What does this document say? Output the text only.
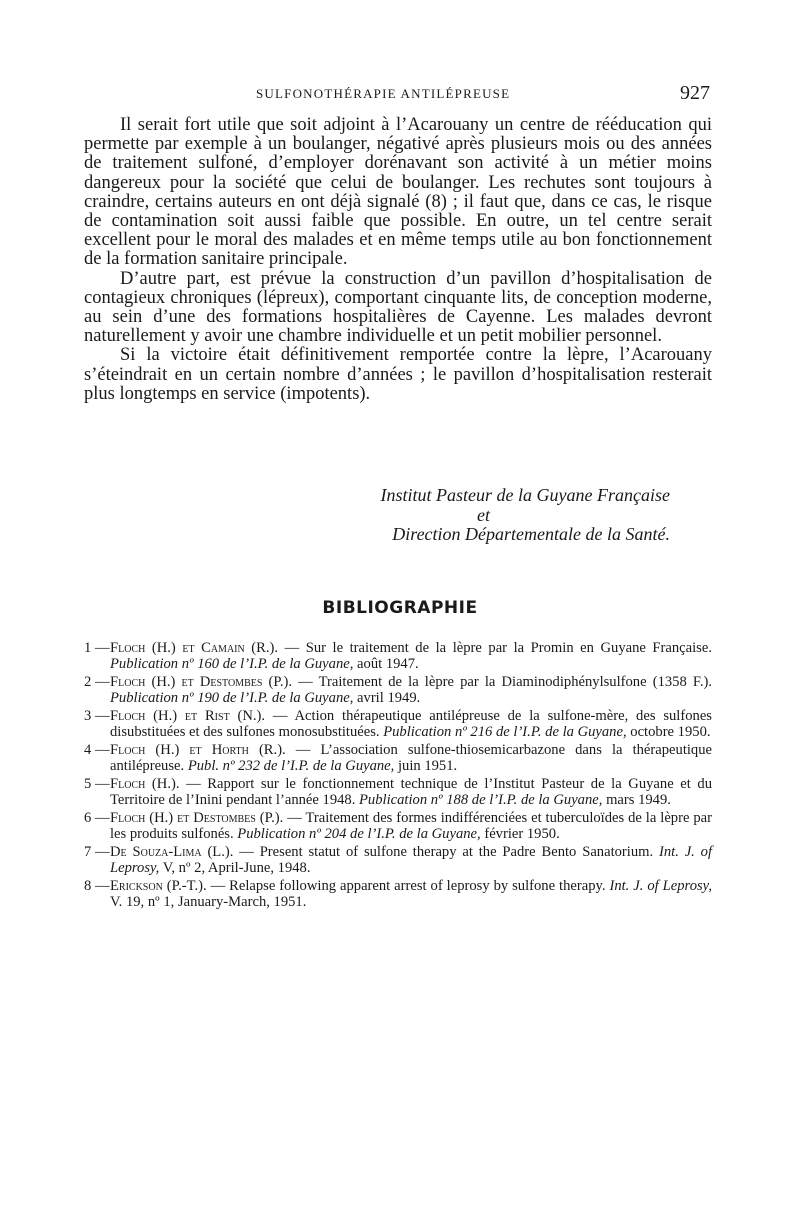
SULFONOTHÉRAPIE ANTILÉPREUSE	927

Il serait fort utile que soit adjoint à l’Acarouany un centre de rééducation qui permette par exemple à un boulanger, négativé après plusieurs mois ou des années de traitement sulfoné, d’employer dorénavant son activité à un métier moins dangereux pour la société que celui de boulanger. Les rechutes sont toujours à craindre, certains auteurs en ont déjà signalé (8) ; il faut que, dans ce cas, le risque de contamination soit aussi faible que possible. En outre, un tel centre serait excellent pour le moral des malades et en même temps utile au bon fonctionnement de la formation sanitaire principale.

D’autre part, est prévue la construction d’un pavillon d’hospitalisation de contagieux chroniques (lépreux), comportant cinquante lits, de conception moderne, au sein d’une des formations hospitalières de Cayenne. Les malades devront naturellement y avoir une chambre individuelle et un petit mobilier personnel.

Si la victoire était définitivement remportée contre la lèpre, l’Acarouany s’éteindrait en un certain nombre d’années ; le pavillon d’hospitalisation resterait plus longtemps en service (impotents).

Institut Pasteur de la Guyane Française
et
Direction Départementale de la Santé.
BIBLIOGRAPHIE
1 — Floch (H.) et Camain (R.). — Sur le traitement de la lèpre par la Promin en Guyane Française. Publication nº 160 de l’I.P. de la Guyane, août 1947.
2 — Floch (H.) et Destombes (P.). — Traitement de la lèpre par la Diaminodiphénylsulfone (1358 F.). Publication nº 190 de l’I.P. de la Guyane, avril 1949.
3 — Floch (H.) et Rist (N.). — Action thérapeutique antilépreuse de la sulfone-mère, des sulfones disubstituées et des sulfones monosubstituées. Publication nº 216 de l’I.P. de la Guyane, octobre 1950.
4 — Floch (H.) et Horth (R.). — L’association sulfone-thiosemicarbazone dans la thérapeutique antilépreuse. Publ. nº 232 de l’I.P. de la Guyane, juin 1951.
5 — Floch (H.). — Rapport sur le fonctionnement technique de l’Institut Pasteur de la Guyane et du Territoire de l’Inini pendant l’année 1948. Publication nº 188 de l’I.P. de la Guyane, mars 1949.
6 — Floch (H.) et Destombes (P.). — Traitement des formes indifférenciées et tuberculoïdes de la lèpre par les produits sulfonés. Publication nº 204 de l’I.P. de la Guyane, février 1950.
7 — De Souza-Lima (L.). — Present statut of sulfone therapy at the Padre Bento Sanatorium. Int. J. of Leprosy, V, nº 2, April-June, 1948.
8 — Erickson (P.-T.). — Relapse following apparent arrest of leprosy by sulfone therapy. Int. J. of Leprosy, V. 19, nº 1, January-March, 1951.
